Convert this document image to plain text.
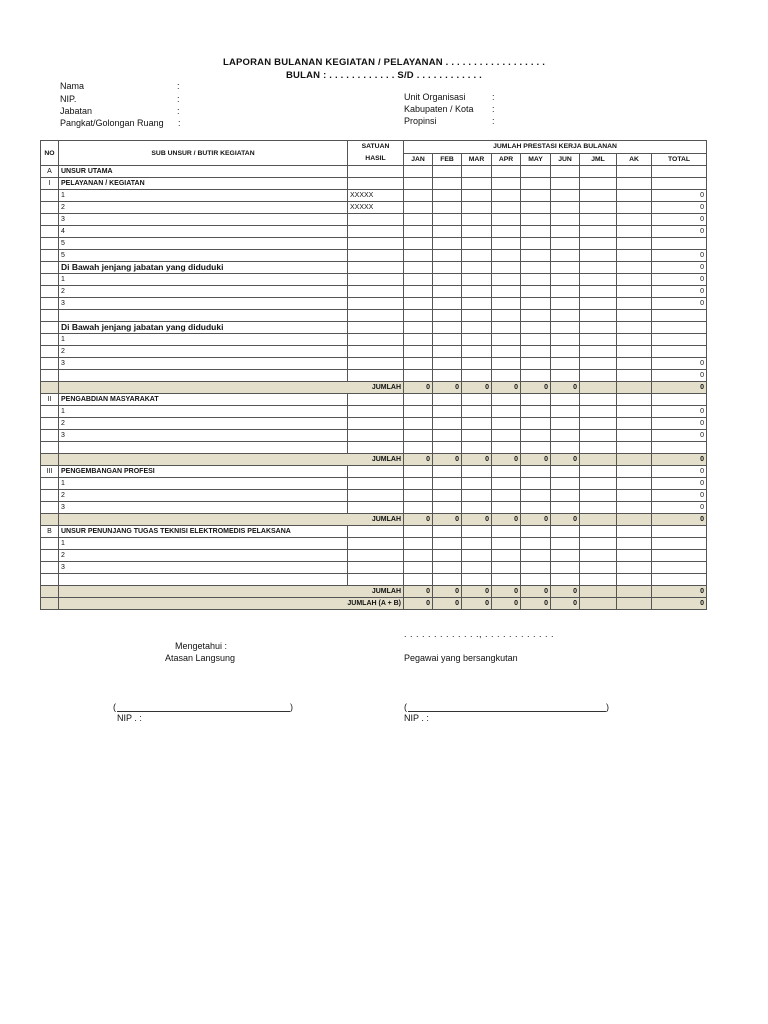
LAPORAN BULANAN KEGIATAN / PELAYANAN . . . . . . . . . . . . . . . . . .
BULAN : . . . . . . . . . . . . S/D . . . . . . . . . . . .
Nama	:
NIP.	:
Jabatan	:
Pangkat/Golongan Ruang :
Unit Organisasi	:
Kabupaten / Kota :
Propinsi	:
NO	SUB UNSUR / BUTIR KEGIATAN	SATUAN
HASIL	JUMLAH PRESTASI KERJA BULANAN								
			JAN	FEB	MAR	APR	MAY	JUN	JML	AK	TOTAL
A	UNSUR UTAMA										
I	PELAYANAN / KEGIATAN										
	1	XXXXX									0
	2	XXXXX									0
	3										0
	4										0
	5										
	5										0
	Di Bawah jenjang jabatan yang diduduki										0
	1										0
	2										0
	3										0

	Di Bawah jenjang jabatan yang diduduki										
	1										
	2										
	3										0
											0
	JUMLAH		0	0	0	0	0	0			0
II	PENGABDIAN MASYARAKAT										
	1										0
	2										0
	3										0

	JUMLAH		0	0	0	0	0	0			0
III	PENGEMBANGAN PROFESI										0
	1										0
	2										0
	3										0
	JUMLAH		0	0	0	0	0	0			0
B	UNSUR PENUNJANG TUGAS TEKNISI ELEKTROMEDIS PELAKSANA										
	1										
	2										
	3										

	JUMLAH		0	0	0	0	0	0			0
	JUMLAH (A + B)		0	0	0	0	0	0			0
. . . . . . . . . . . . ., . . . . . . . . . . . .
Mengetahui :
Atasan Langsung	Pegawai yang bersangkutan
(	)	(	)
NIP . :	NIP . :
